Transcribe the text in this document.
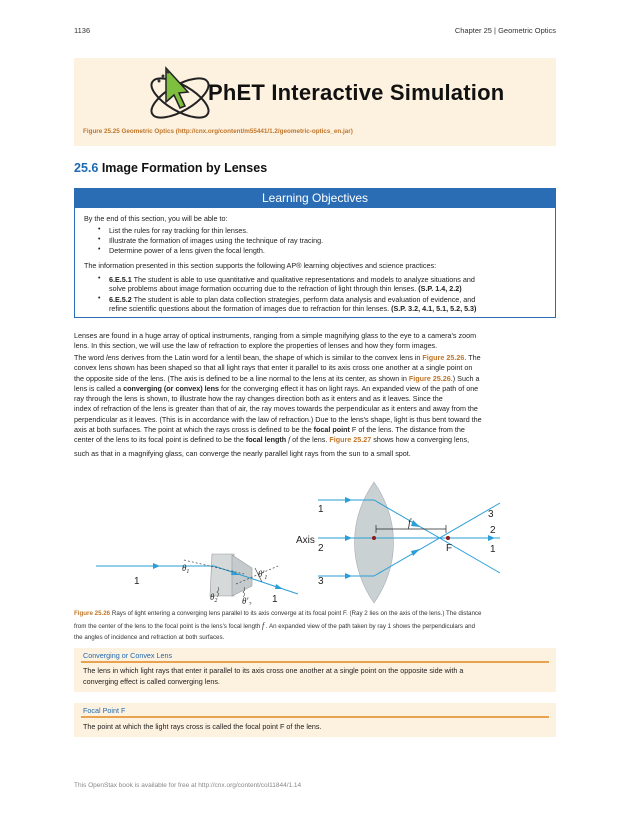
1136	Chapter 25 | Geometric Optics
PhET Interactive Simulation
Figure 25.25 Geometric Optics (http://cnx.org/content/m55441/1.2/geometric-optics_en.jar)
25.6 Image Formation by Lenses
Learning Objectives
By the end of this section, you will be able to:
• List the rules for ray tracking for thin lenses.
• Illustrate the formation of images using the technique of ray tracing.
• Determine power of a lens given the focal length.
The information presented in this section supports the following AP® learning objectives and science practices:
• 6.E.5.1 The student is able to use quantitative and qualitative representations and models to analyze situations and
solve problems about image formation occurring due to the refraction of light through thin lenses. (S.P. 1.4, 2.2)
• 6.E.5.2 The student is able to plan data collection strategies, perform data analysis and evaluation of evidence, and
refine scientific questions about the formation of images due to refraction for thin lenses. (S.P. 3.2, 4.1, 5.1, 5.2, 5.3)
Lenses are found in a huge array of optical instruments, ranging from a simple magnifying glass to the eye to a camera's zoom
lens. In this section, we will use the law of refraction to explore the properties of lenses and how they form images.
The word lens derives from the Latin word for a lentil bean, the shape of which is similar to the convex lens in Figure 25.26. The
convex lens shown has been shaped so that all light rays that enter it parallel to its axis cross one another at a single point on
the opposite side of the lens. (The axis is defined to be a line normal to the lens at its center, as shown in Figure 25.26.) Such a
lens is called a converging (or convex) lens for the converging effect it has on light rays. An expanded view of the path of one
ray through the lens is shown, to illustrate how the ray changes direction both as it enters and as it leaves. Since the
index of refraction of the lens is greater than that of air, the ray moves towards the perpendicular as it enters and away from the
perpendicular as it leaves. (This is in accordance with the law of refraction.) Due to the lens's shape, light is thus bent toward the
axis at both surfaces. The point at which the rays cross is defined to be the focal point F of the lens. The distance from the
center of the lens to its focal point is defined to be the focal length f of the lens. Figure 25.27 shows how a converging lens,
such as that in a magnifying glass, can converge the nearly parallel light rays from the sun to a small spot.
1
$\theta_1$	$\theta'_1$
$\theta_2$	$\theta'_2$ 1
Axis
1
2
3
f
F
3
2
1
Figure 25.26 Rays of light entering a converging lens parallel to its axis converge at its focal point F. (Ray 2 lies on the axis of the lens.) The distance
from the center of the lens to the focal point is the lens's focal length f . An expanded view of the path taken by ray 1 shows the perpendiculars and
the angles of incidence and refraction at both surfaces.
Converging or Convex Lens
The lens in which light rays that enter it parallel to its axis cross one another at a single point on the opposite side with a
converging effect is called converging lens.
Focal Point F
The point at which the light rays cross is called the focal point F of the lens.
This OpenStax book is available for free at http://cnx.org/content/col11844/1.14
